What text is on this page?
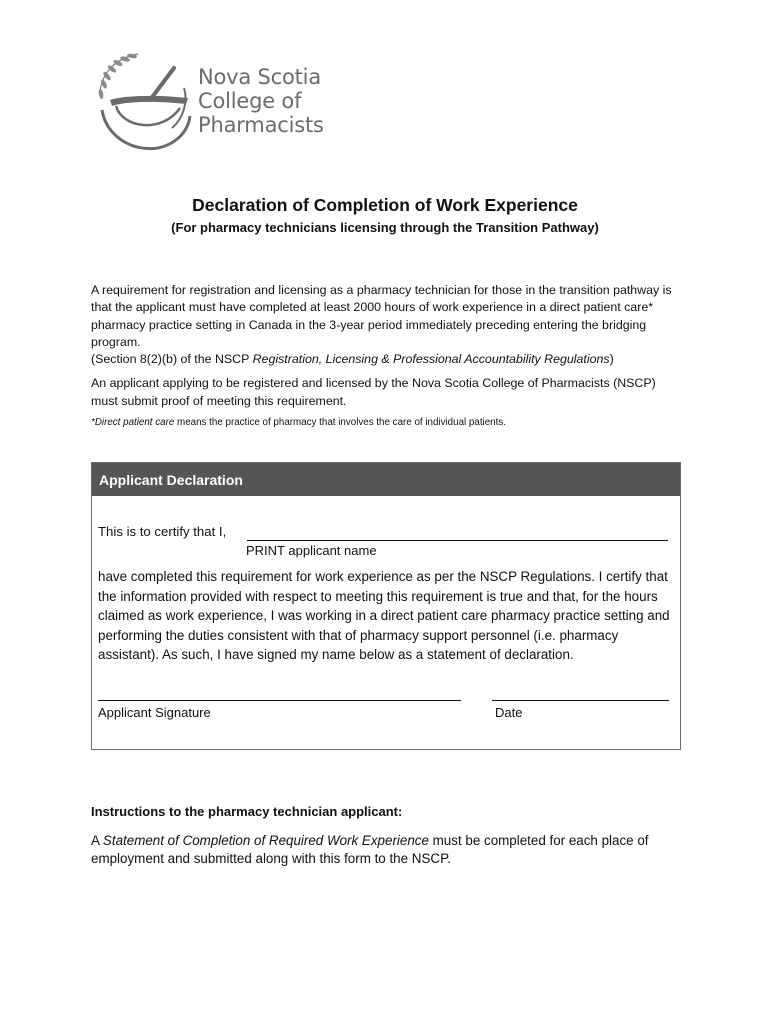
Nova Scotia
College of
Pharmacists
Declaration of Completion of Work Experience
(For pharmacy technicians licensing through the Transition Pathway)

A requirement for registration and licensing as a pharmacy technician for those in the transition pathway is that the applicant must have completed at least 2000 hours of work experience in a direct patient care* pharmacy practice setting in Canada in the 3-year period immediately preceding entering the bridging program.

(Section 8(2)(b) of the NSCP Registration, Licensing & Professional Accountability Regulations)

An applicant applying to be registered and licensed by the Nova Scotia College of Pharmacists (NSCP) must submit proof of meeting this requirement.

*Direct patient care means the practice of pharmacy that involves the care of individual patients.

Applicant Declaration
This is to certify that I,
PRINT applicant name
have completed this requirement for work experience as per the NSCP Regulations. I certify that the information provided with respect to meeting this requirement is true and that, for the hours claimed as work experience, I was working in a direct patient care pharmacy practice setting and performing the duties consistent with that of pharmacy support personnel (i.e. pharmacy assistant). As such, I have signed my name below as a statement of declaration.
Applicant Signature	Date
Instructions to the pharmacy technician applicant:
A Statement of Completion of Required Work Experience must be completed for each place of employment and submitted along with this form to the NSCP.
